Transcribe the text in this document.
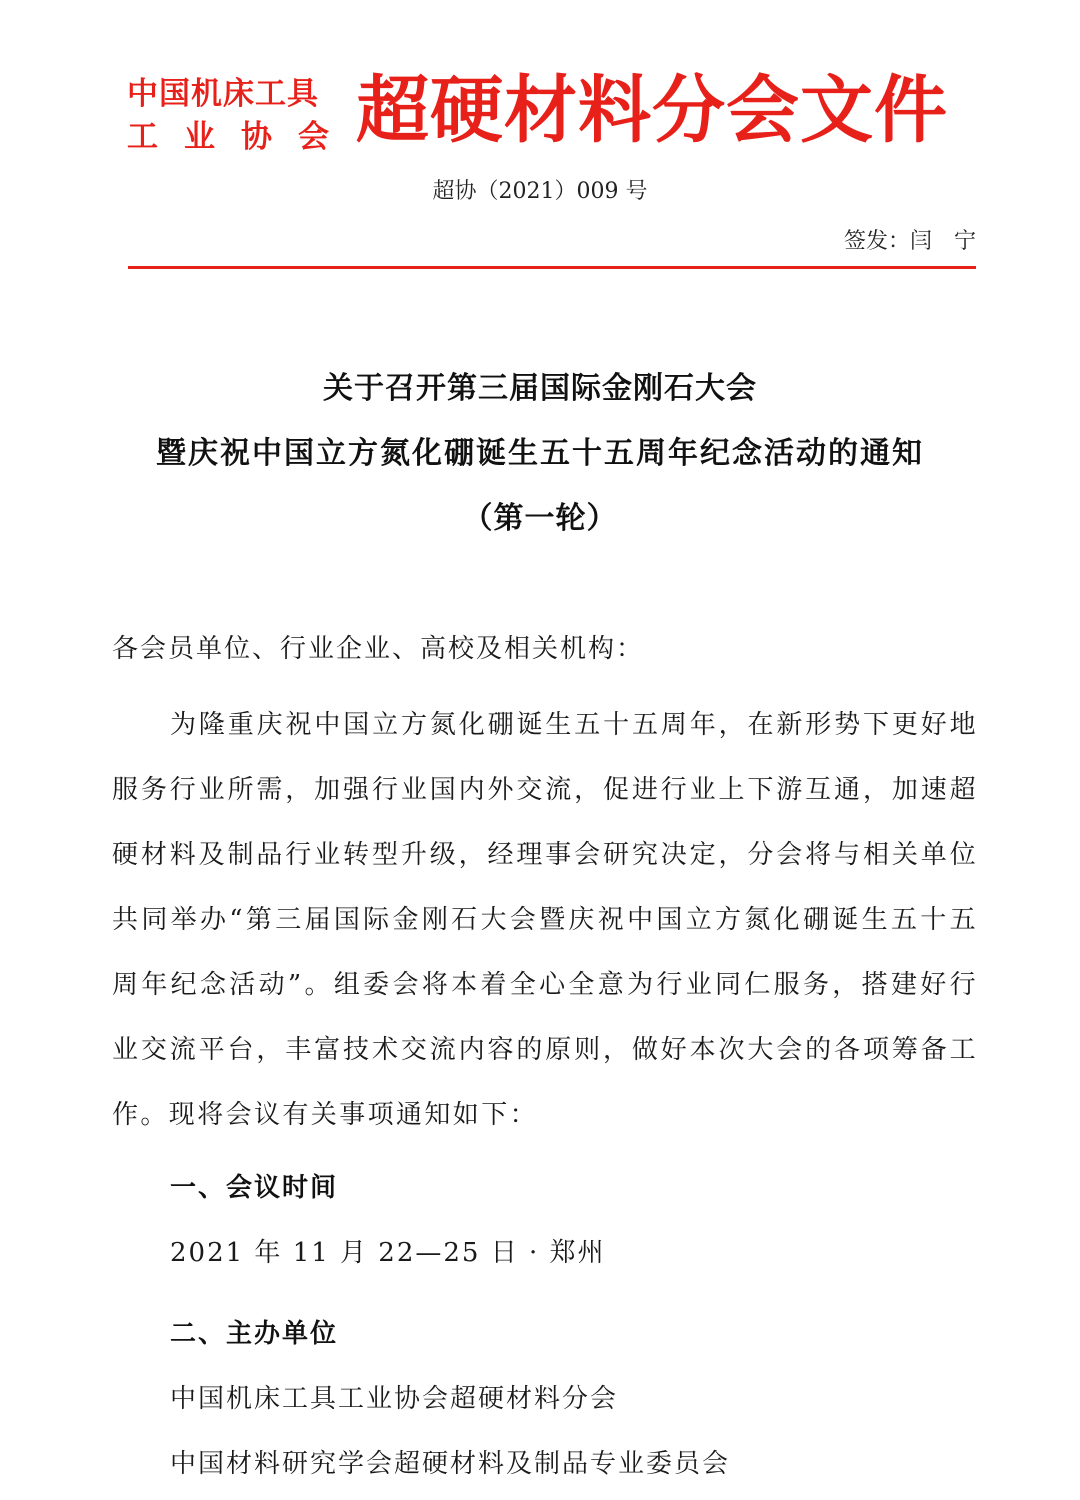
中国机床工具
工业协会 超硬材料分会文件
超协（2021）009 号
签发：闫　宁
关于召开第三届国际金刚石大会
暨庆祝中国立方氮化硼诞生五十五周年纪念活动的通知
（第一轮）
各会员单位、行业企业、高校及相关机构：
为隆重庆祝中国立方氮化硼诞生五十五周年，在新形势下更好地服务行业所需，加强行业国内外交流，促进行业上下游互通，加速超硬材料及制品行业转型升级，经理事会研究决定，分会将与相关单位共同举办“第三届国际金刚石大会暨庆祝中国立方氮化硼诞生五十五周年纪念活动”。组委会将本着全心全意为行业同仁服务，搭建好行业交流平台，丰富技术交流内容的原则，做好本次大会的各项筹备工作。现将会议有关事项通知如下：
一、会议时间
2021 年 11 月 22—25 日 · 郑州
二、主办单位
中国机床工具工业协会超硬材料分会
中国材料研究学会超硬材料及制品专业委员会
